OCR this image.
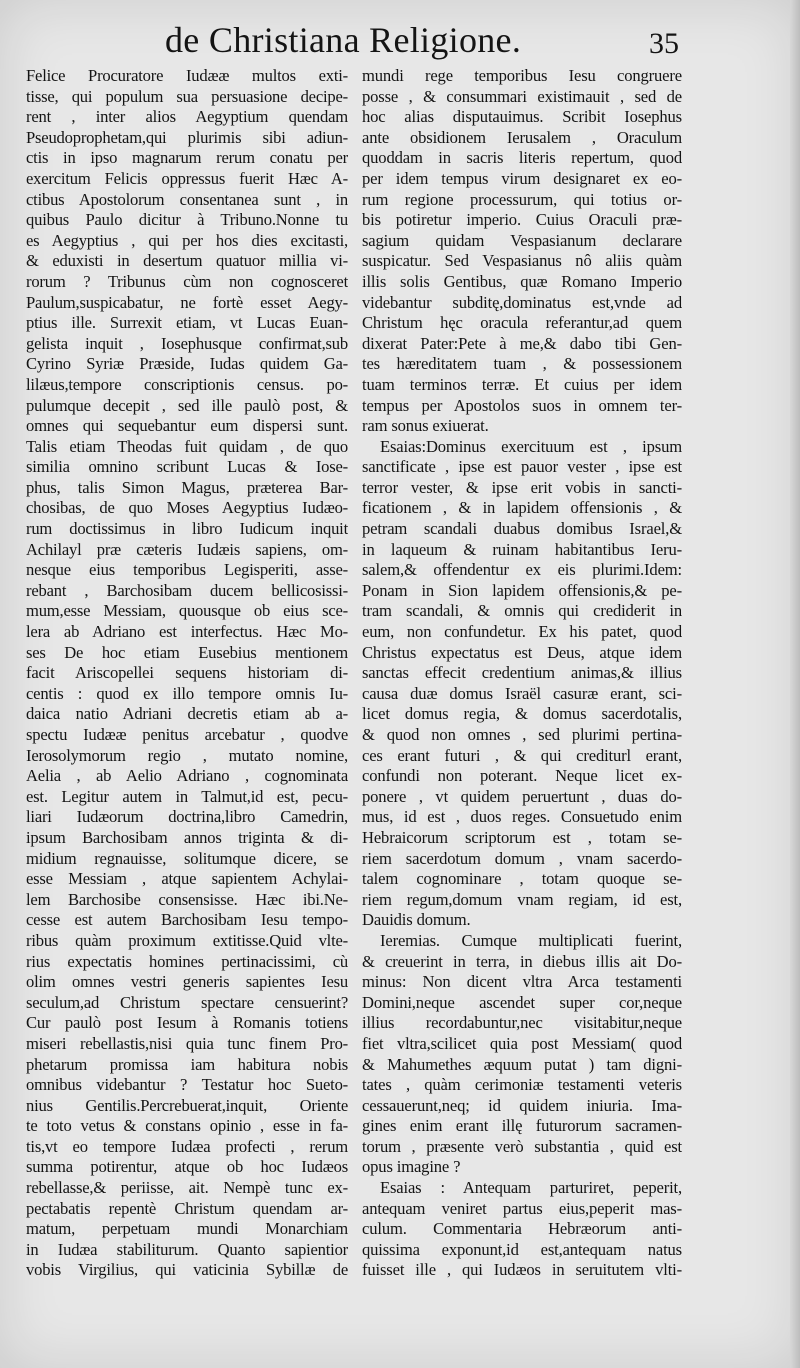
de Christiana Religione.	35
Felice Procuratore Iudææ multos exti-
tisse, qui populum sua persuasione decipe-
rent , inter alios Aegyptium quendam
Pseudoprophetam,qui plurimis sibi adiun-
ctis in ipso magnarum rerum conatu per
exercitum Felicis oppressus fuerit Hæc A-
ctibus Apostolorum consentanea sunt , in
quibus Paulo dicitur à Tribuno.Nonne tu
es Aegyptius , qui per hos dies excitasti,
& eduxisti in desertum quatuor millia vi-
rorum ? Tribunus cùm non cognosceret
Paulum,suspicabatur, ne fortè esset Aegy-
ptius ille. Surrexit etiam, vt Lucas Euan-
gelista inquit , Iosephusque confirmat,sub
Cyrino Syriæ Præside, Iudas quidem Ga-
lilæus,tempore conscriptionis census. po-
pulumque decepit , sed ille paulò post, &
omnes qui sequebantur eum dispersi sunt.
Talis etiam Theodas fuit quidam , de quo
similia omnino scribunt Lucas & Iose-
phus, talis Simon Magus, præterea Bar-
chosibas, de quo Moses Aegyptius Iudæo-
rum doctissimus in libro Iudicum inquit
Achilayl præ cæteris Iudæis sapiens, om-
nesque eius temporibus Legisperiti, asse-
rebant , Barchosibam ducem bellicosissi-
mum,esse Messiam, quousque ob eius sce-
lera ab Adriano est interfectus. Hæc Mo-
ses De hoc etiam Eusebius mentionem
facit Ariscopellei sequens historiam di-
centis : quod ex illo tempore omnis Iu-
daica natio Adriani decretis etiam ab a-
spectu Iudææ penitus arcebatur , quodve
Ierosolymorum regio , mutato nomine,
Aelia , ab Aelio Adriano , cognominata
est. Legitur autem in Talmut,id est, pecu-
liari Iudæorum doctrina,libro Camedrin,
ipsum Barchosibam annos triginta & di-
midium regnauisse, solitumque dicere, se
esse Messiam , atque sapientem Achylai-
lem Barchosibe consensisse. Hæc ibi.Ne-
cesse est autem Barchosibam Iesu tempo-
ribus quàm proximum extitisse.Quid vlte-
rius expectatis homines pertinacissimi, cù
olim omnes vestri generis sapientes Iesu
seculum,ad Christum spectare censuerint?
Cur paulò post Iesum à Romanis totiens
miseri rebellastis,nisi quia tunc finem Pro-
phetarum promissa iam habitura nobis
omnibus videbantur ? Testatur hoc Sueto-
nius Gentilis.Percrebuerat,inquit, Oriente
te toto vetus & constans opinio , esse in fa-
tis,vt eo tempore Iudæa profecti , rerum
summa potirentur, atque ob hoc Iudæos
rebellasse,& periisse, ait. Nempè tunc ex-
pectabatis repentè Christum quendam ar-
matum, perpetuam mundi Monarchiam
in Iudæa stabiliturum. Quanto sapientior
vobis Virgilius, qui vaticinia Sybillæ de
mundi rege temporibus Iesu congruere
posse , & consummari existimauit , sed de
hoc alias disputauimus. Scribit Iosephus
ante obsidionem Ierusalem , Oraculum
quoddam in sacris literis repertum, quod
per idem tempus virum designaret ex eo-
rum regione processurum, qui totius or-
bis potiretur imperio. Cuius Oraculi præ-
sagium quidam Vespasianum declarare
suspicatur. Sed Vespasianus nô aliis quàm
illis solis Gentibus, quæ Romano Imperio
videbantur subditę,dominatus est,vnde ad
Christum hęc oracula referantur,ad quem
dixerat Pater:Pete à me,& dabo tibi Gen-
tes hæreditatem tuam , & possessionem
tuam terminos terræ. Et cuius per idem
tempus per Apostolos suos in omnem ter-
ram sonus exiuerat.
Esaias:Dominus exercituum est , ipsum
sanctificate , ipse est pauor vester , ipse est
terror vester, & ipse erit vobis in sancti-
ficationem , & in lapidem offensionis , &
petram scandali duabus domibus Israel,&
in laqueum & ruinam habitantibus Ieru-
salem,& offendentur ex eis plurimi.Idem:
Ponam in Sion lapidem offensionis,& pe-
tram scandali, & omnis qui crediderit in
eum, non confundetur. Ex his patet, quod
Christus expectatus est Deus, atque idem
sanctas effecit credentium animas,& illius
causa duæ domus Israël casuræ erant, sci-
licet domus regia, & domus sacerdotalis,
& quod non omnes , sed plurimi pertina-
ces erant futuri , & qui crediturl erant,
confundi non poterant. Neque licet ex-
ponere , vt quidem peruertunt , duas do-
mus, id est , duos reges. Consuetudo enim
Hebraicorum scriptorum est , totam se-
riem sacerdotum domum , vnam sacerdo-
talem cognominare , totam quoque se-
riem regum,domum vnam regiam, id est,
Dauidis domum.
Ieremias. Cumque multiplicati fuerint,
& creuerint in terra, in diebus illis ait Do-
minus: Non dicent vltra Arca testamenti
Domini,neque ascendet super cor,neque
illius recordabuntur,nec visitabitur,neque
fiet vltra,scilicet quia post Messiam( quod
& Mahumethes æquum putat ) tam digni-
tates , quàm cerimoniæ testamenti veteris
cessauerunt,neq; id quidem iniuria. Ima-
gines enim erant illę futurorum sacramen-
torum , præsente verò substantia , quid est
opus imagine ?
Esaias : Antequam parturiret, peperit,
antequam veniret partus eius,peperit mas-
culum. Commentaria Hebræorum anti-
quissima exponunt,id est,antequam natus
fuisset ille , qui Iudæos in seruitutem vlti-
